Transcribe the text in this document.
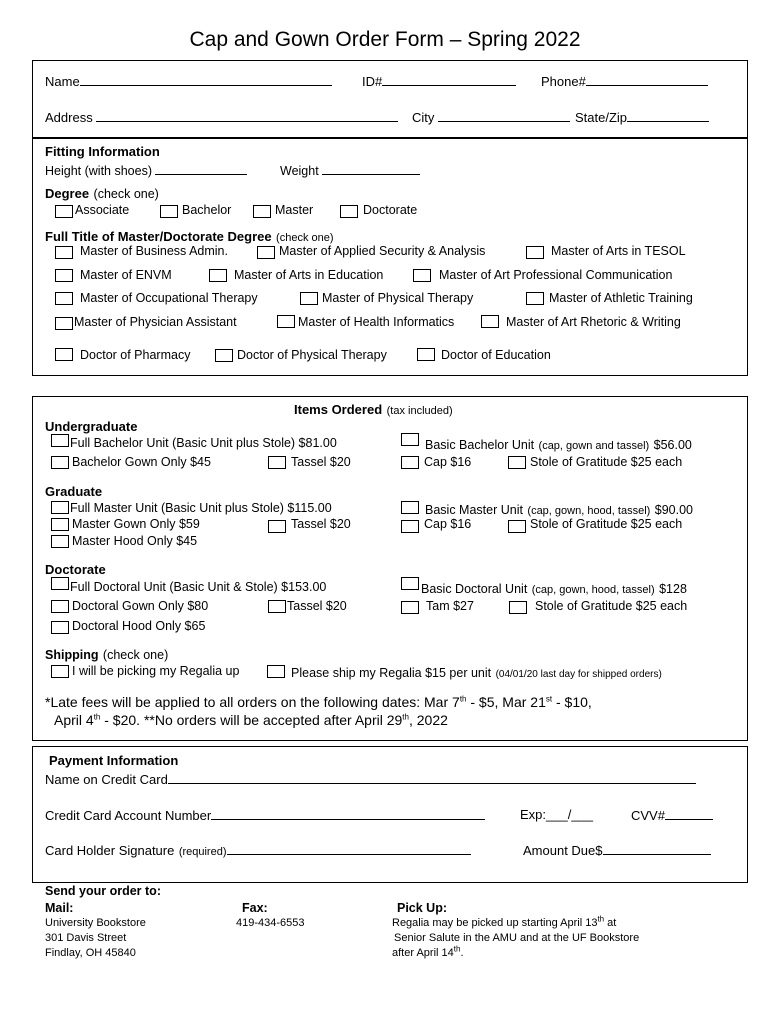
Cap and Gown Order Form – Spring 2022
Name	ID#	Phone#
Address	City	State/Zip
Fitting Information
Height (with shoes)	Weight
Degree (check one)
Associate	Bachelor	Master	Doctorate
Full Title of Master/Doctorate Degree (check one)
Master of Business Admin.	Master of Applied Security & Analysis	Master of Arts in TESOL
Master of ENVM	Master of Arts in Education	Master of Art Professional Communication
Master of Occupational Therapy	Master of Physical Therapy	Master of Athletic Training
Master of Physician Assistant	Master of Health Informatics	Master of Art Rhetoric & Writing
Doctor of Pharmacy	Doctor of Physical Therapy	Doctor of Education
Items Ordered (tax included)
Undergraduate
Full Bachelor Unit (Basic Unit plus Stole) $81.00	Basic Bachelor Unit (cap, gown and tassel) $56.00
Bachelor Gown Only $45	Tassel $20	Cap $16	Stole of Gratitude $25 each
Graduate
Full Master Unit (Basic Unit plus Stole) $115.00	Basic Master Unit (cap, gown, hood, tassel) $90.00
Master Gown Only $59	Tassel $20	Cap $16	Stole of Gratitude $25 each
Master Hood Only $45
Doctorate
Full Doctoral Unit (Basic Unit & Stole) $153.00	Basic Doctoral Unit (cap, gown, hood, tassel) $128
Doctoral Gown Only $80	Tassel $20	Tam $27	Stole of Gratitude $25 each
Doctoral Hood Only $65
Shipping (check one)
I will be picking my Regalia up	Please ship my Regalia $15 per unit (04/01/20 last day for shipped orders)
*Late fees will be applied to all orders on the following dates: Mar 7th - $5, Mar 21st - $10,
April 4th - $20. **No orders will be accepted after April 29th, 2022
Payment Information
Name on Credit Card
Credit Card Account Number	Exp:___/___	CVV#
Card Holder Signature (required)	Amount Due$
Send your order to:
Mail:
University Bookstore
301 Davis Street
Findlay, OH 45840
Fax:
419-434-6553
Pick Up:
Regalia may be picked up starting April 13th at
Senior Salute in the AMU and at the UF Bookstore
after April 14th.
